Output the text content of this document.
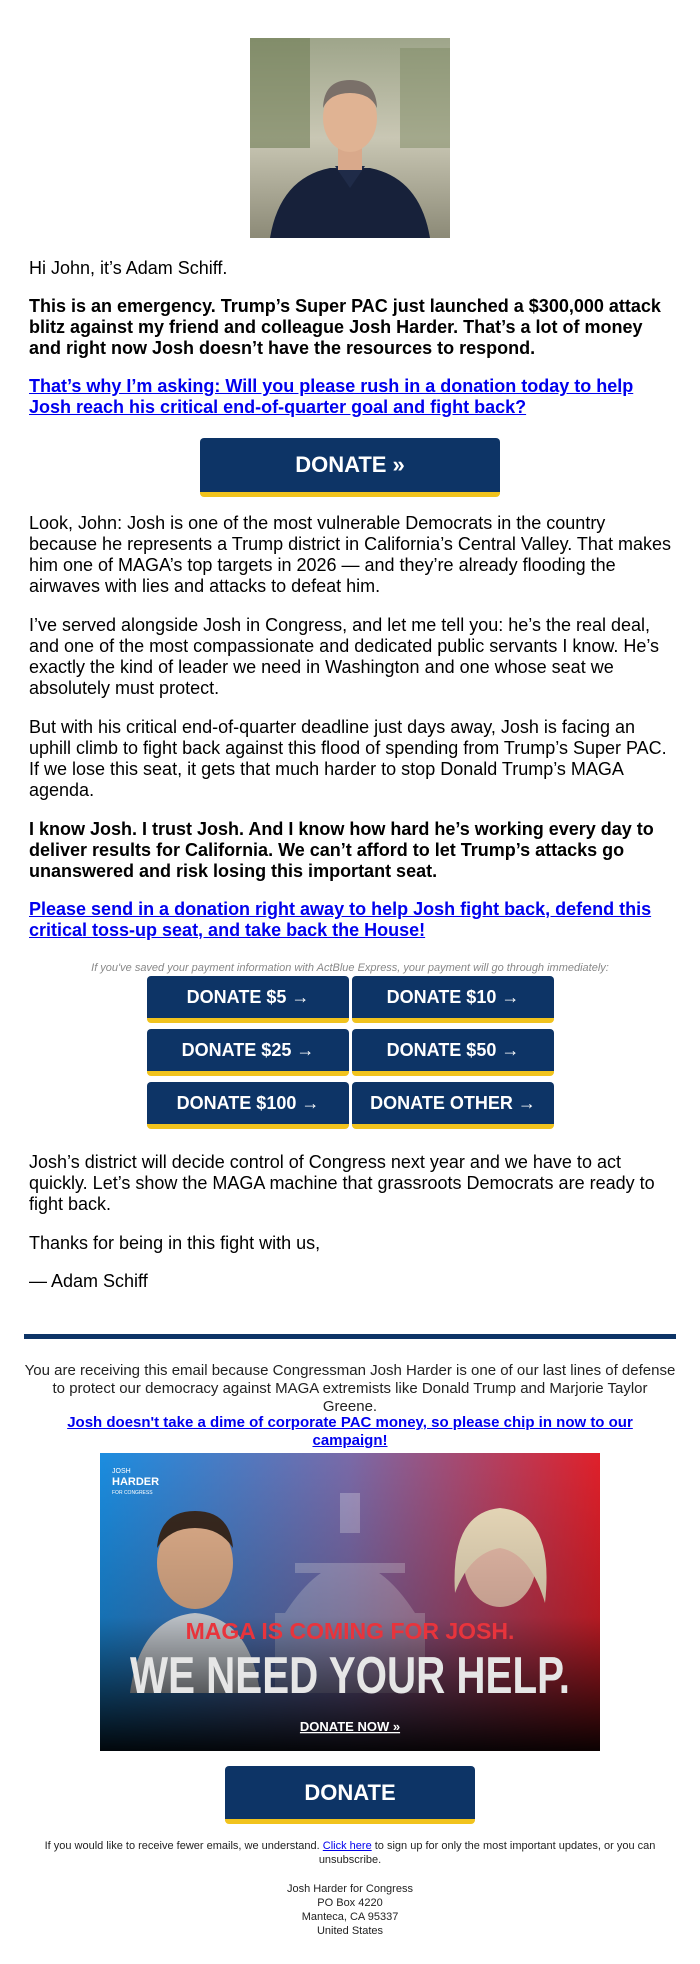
Hi John, it’s Adam Schiff.
This is an emergency. Trump’s Super PAC just launched a $300,000 attack blitz against my friend and colleague Josh Harder. That’s a lot of money and right now Josh doesn’t have the resources to respond.
That’s why I’m asking: Will you please rush in a donation today to help Josh reach his critical end-of-quarter goal and fight back?
DONATE »
Look, John: Josh is one of the most vulnerable Democrats in the country because he represents a Trump district in California’s Central Valley. That makes him one of MAGA’s top targets in 2026 — and they’re already flooding the airwaves with lies and attacks to defeat him.
I’ve served alongside Josh in Congress, and let me tell you: he’s the real deal, and one of the most compassionate and dedicated public servants I know. He’s exactly the kind of leader we need in Washington and one whose seat we absolutely must protect.
But with his critical end-of-quarter deadline just days away, Josh is facing an uphill climb to fight back against this flood of spending from Trump’s Super PAC. If we lose this seat, it gets that much harder to stop Donald Trump’s MAGA agenda.
I know Josh. I trust Josh. And I know how hard he’s working every day to deliver results for California. We can’t afford to let Trump’s attacks go unanswered and risk losing this important seat.
Please send in a donation right away to help Josh fight back, defend this critical toss-up seat, and take back the House!
If you've saved your payment information with ActBlue Express, your payment will go through immediately:
DONATE $5 →	DONATE $10 →
DONATE $25 →	DONATE $50 →
DONATE $100 →	DONATE OTHER →
Josh’s district will decide control of Congress next year and we have to act quickly. Let’s show the MAGA machine that grassroots Democrats are ready to fight back.
Thanks for being in this fight with us,
— Adam Schiff
You are receiving this email because Congressman Josh Harder is one of our last lines of defense to protect our democracy against MAGA extremists like Donald Trump and Marjorie Taylor Greene.
Josh doesn't take a dime of corporate PAC money, so please chip in now to our campaign!
JOSH
HARDER
FOR CONGRESS
MAGA IS COMING FOR JOSH.
WE NEED YOUR HELP.
DONATE NOW »
DONATE
If you would like to receive fewer emails, we understand. Click here to sign up for only the most important updates, or you can unsubscribe.
Josh Harder for Congress
PO Box 4220
Manteca, CA 95337
United States
